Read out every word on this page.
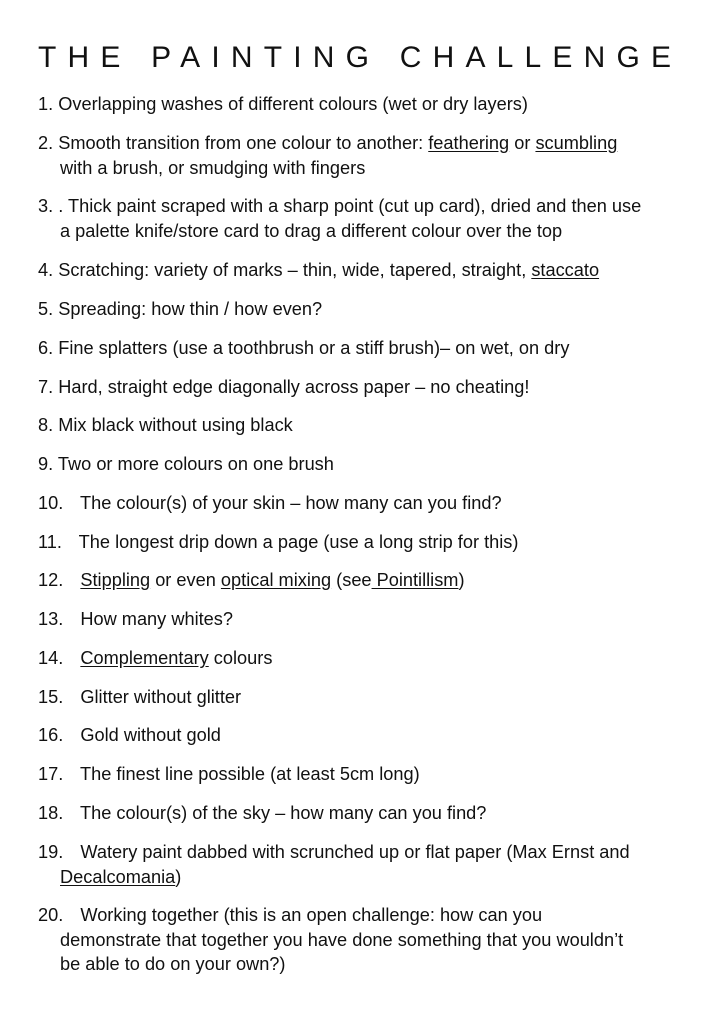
THE PAINTING CHALLENGE
1. Overlapping washes of different colours (wet or dry layers)
2. Smooth transition from one colour to another: feathering or scumbling
with a brush, or smudging with fingers
3. . Thick paint scraped with a sharp point (cut up card), dried and then use
a palette knife/store card to drag a different colour over the top
4. Scratching: variety of marks – thin, wide, tapered, straight, staccato
5. Spreading: how thin / how even?
6. Fine splatters (use a toothbrush or a stiff brush)– on wet, on dry
7. Hard, straight edge diagonally across paper – no cheating!
8. Mix black without using black
9. Two or more colours on one brush
10. The colour(s) of your skin – how many can you find?
11. The longest drip down a page (use a long strip for this)
12. Stippling or even optical mixing (see Pointillism)
13. How many whites?
14. Complementary colours
15. Glitter without glitter
16. Gold without gold
17. The finest line possible (at least 5cm long)
18. The colour(s) of the sky – how many can you find?
19. Watery paint dabbed with scrunched up or flat paper (Max Ernst and
Decalcomania)
20. Working together (this is an open challenge: how can you
demonstrate that together you have done something that you wouldn’t
be able to do on your own?)
